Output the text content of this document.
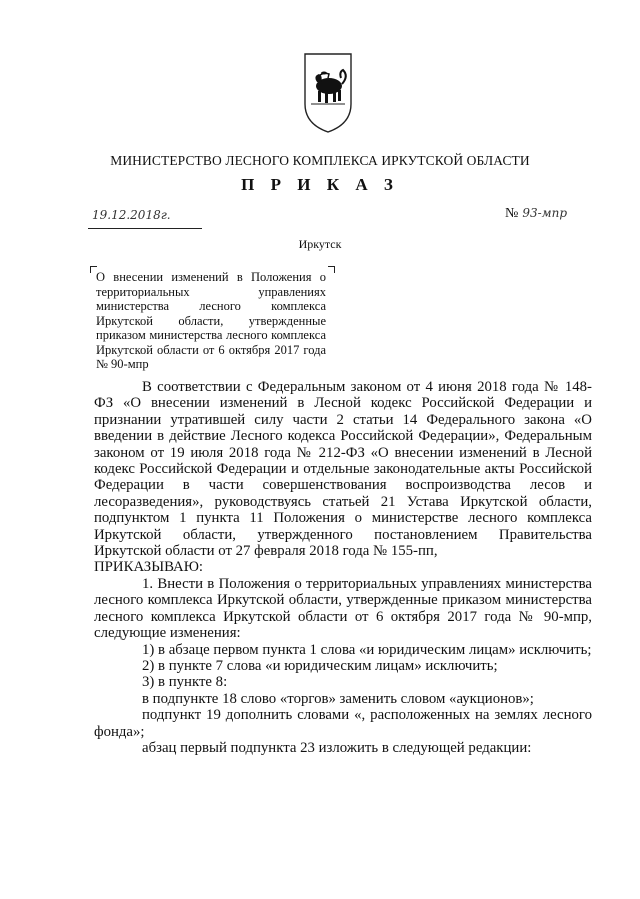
МИНИСТЕРСТВО ЛЕСНОГО КОМПЛЕКСА ИРКУТСКОЙ ОБЛАСТИ
П Р И К А З
19.12.2018г.	№ 93-мпр
Иркутск
О внесении изменений в Положения о территориальных управлениях министерства лесного комплекса Иркутской области, утвержденные приказом министерства лесного комплекса Иркутской области от 6 октября 2017 года № 90-мпр

В соответствии с Федеральным законом от 4 июня 2018 года № 148-ФЗ «О внесении изменений в Лесной кодекс Российской Федерации и признании утратившей силу части 2 статьи 14 Федерального закона «О введении в действие Лесного кодекса Российской Федерации», Федеральным законом от 19 июля 2018 года № 212-ФЗ «О внесении изменений в Лесной кодекс Российской Федерации и отдельные законодательные акты Российской Федерации в части совершенствования воспроизводства лесов и лесоразведения», руководствуясь статьей 21 Устава Иркутской области, подпунктом 1 пункта 11 Положения о министерстве лесного комплекса Иркутской области, утвержденного постановлением Правительства Иркутской области от 27 февраля 2018 года № 155-пп,

ПРИКАЗЫВАЮ:

1. Внести в Положения о территориальных управлениях министерства лесного комплекса Иркутской области, утвержденные приказом министерства лесного комплекса Иркутской области от 6 октября 2017 года № 90-мпр, следующие изменения:

1) в абзаце первом пункта 1 слова «и юридическим лицам» исключить;

2) в пункте 7 слова «и юридическим лицам» исключить;

3) в пункте 8:

в подпункте 18 слово «торгов» заменить словом «аукционов»;

подпункт 19 дополнить словами «, расположенных на землях лесного фонда»;

абзац первый подпункта 23 изложить в следующей редакции:
